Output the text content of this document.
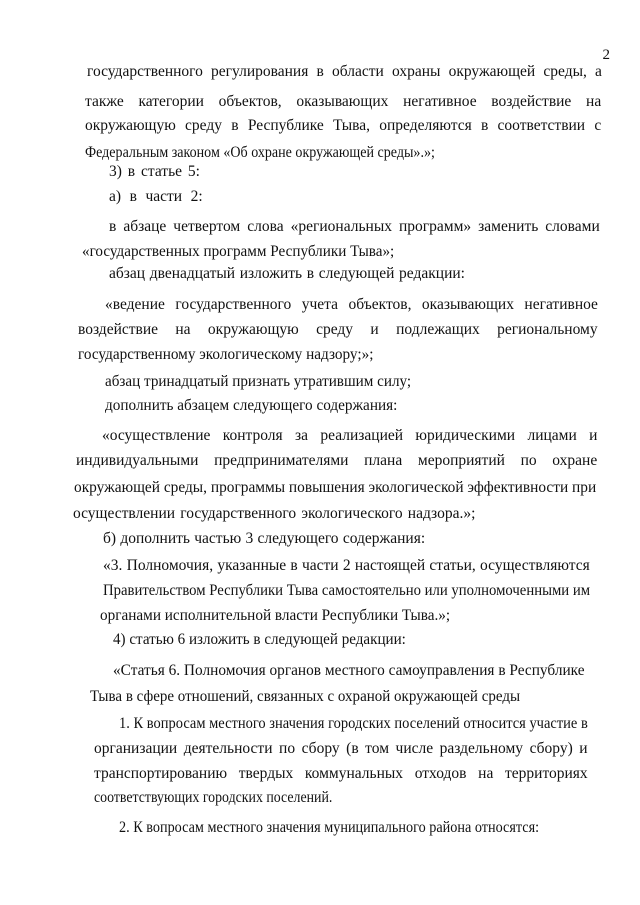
2
государственного регулирования в области охраны окружающей среды, а
также категории объектов, оказывающих негативное воздействие на
окружающую среду в Республике Тыва, определяются в соответствии с
Федеральным законом «Об охране окружающей среды».»;
3) в статье 5:
а) в части 2:
в абзаце четвертом слова «региональных программ» заменить словами
«государственных программ Республики Тыва»;
абзац двенадцатый изложить в следующей редакции:
«ведение государственного учета объектов, оказывающих негативное
воздействие на окружающую среду и подлежащих региональному
государственному экологическому надзору;»;
абзац тринадцатый признать утратившим силу;
дополнить абзацем следующего содержания:
«осуществление контроля за реализацией юридическими лицами и
индивидуальными предпринимателями плана мероприятий по охране
окружающей среды, программы повышения экологической эффективности при
осуществлении государственного экологического надзора.»;
б) дополнить частью 3 следующего содержания:
«3. Полномочия, указанные в части 2 настоящей статьи, осуществляются
Правительством Республики Тыва самостоятельно или уполномоченными им
органами исполнительной власти Республики Тыва.»;
4) статью 6 изложить в следующей редакции:
«Статья 6. Полномочия органов местного самоуправления в Республике
Тыва в сфере отношений, связанных с охраной окружающей среды
1. К вопросам местного значения городских поселений относится участие в
организации деятельности по сбору (в том числе раздельному сбору) и
транспортированию твердых коммунальных отходов на территориях
соответствующих городских поселений.
2. К вопросам местного значения муниципального района относятся:
